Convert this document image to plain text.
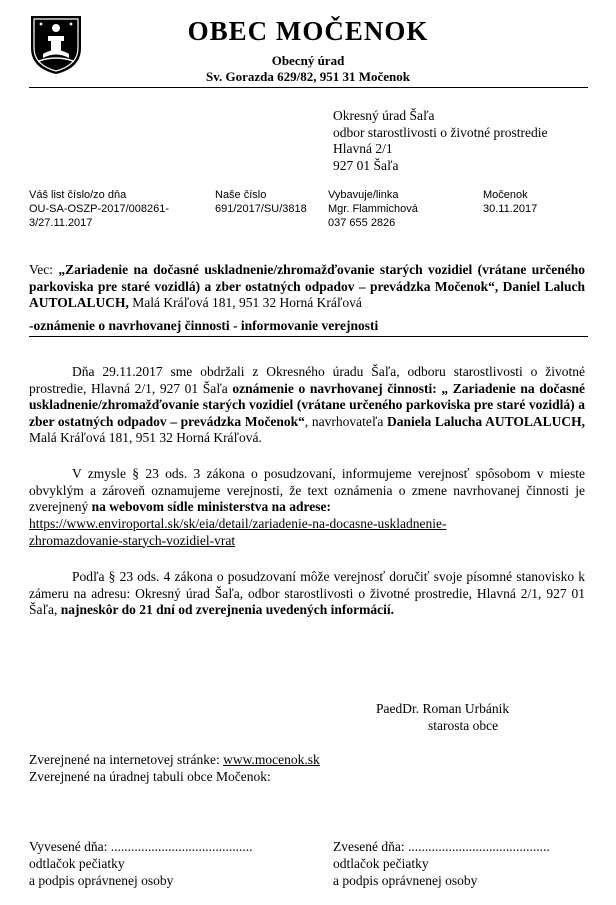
OBEC MOČENOK
Obecný úrad
Sv. Gorazda 629/82, 951 31 Močenok
Okresný úrad Šaľa
odbor starostlivosti o životné prostredie
Hlavná 2/1
927 01 Šaľa
Váš list číslo/zo dňa
OU-SA-OSZP-2017/008261-
3/27.11.2017
Naše číslo
691/2017/SU/3818
Vybavuje/linka
Mgr. Flammichová
037 655 2826
Močenok
30.11.2017
Vec: „Zariadenie na dočasné uskladnenie/zhromažďovanie starých vozidiel (vrátane určeného parkoviska pre staré vozidlá) a zber ostatných odpadov – prevádzka Močenok“, Daniel Laluch AUTOLALUCH, Malá Kráľová 181, 951 32 Horná Kráľová
-oznámenie o navrhovanej činnosti - informovanie verejnosti
Dňa 29.11.2017 sme obdržali z Okresného úradu Šaľa, odboru starostlivosti o životné prostredie, Hlavná 2/1, 927 01 Šaľa oznámenie o navrhovanej činnosti: „ Zariadenie na dočasné uskladnenie/zhromažďovanie starých vozidiel (vrátane určeného parkoviska pre staré vozidlá) a zber ostatných odpadov – prevádzka Močenok“, navrhovateľa Daniela Lalucha AUTOLALUCH, Malá Kráľová 181, 951 32 Horná Kráľová.
V zmysle § 23 ods. 3 zákona o posudzovaní, informujeme verejnosť spôsobom v mieste obvyklým a zároveň oznamujeme verejnosti, že text oznámenia o zmene navrhovanej činnosti je zverejnený na webovom sídle ministerstva na adrese:
https://www.enviroportal.sk/sk/eia/detail/zariadenie-na-docasne-uskladnenie-
zhromazdovanie-starych-vozidiel-vrat
Podľa § 23 ods. 4 zákona o posudzovaní môže verejnosť doručiť svoje písomné stanovisko k zámeru na adresu: Okresný úrad Šaľa, odbor starostlivosti o životné prostredie, Hlavná 2/1, 927 01 Šaľa, najneskôr do 21 dní od zverejnenia uvedených informácií.
PaedDr. Roman Urbánik
starosta obce
Zverejnené na internetovej stránke: www.mocenok.sk
Zverejnené na úradnej tabuli obce Močenok:
Vyvesené dňa: ..........................................
odtlačok pečiatky
a podpis oprávnenej osoby
Zvesené dňa: ..........................................
odtlačok pečiatky
a podpis oprávnenej osoby
